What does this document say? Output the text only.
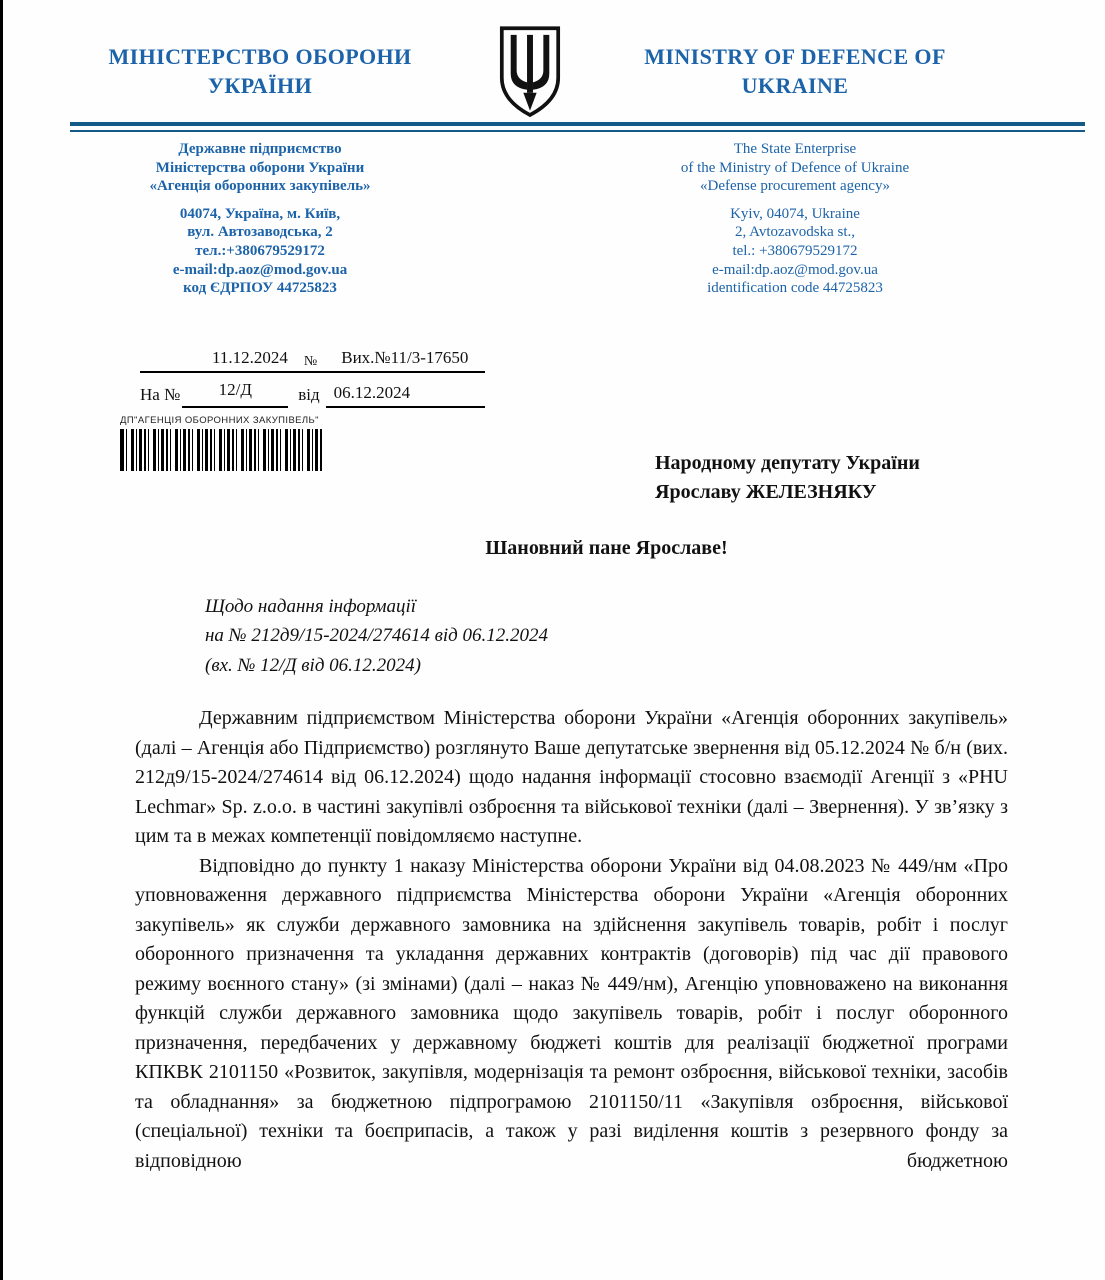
МІНІСТЕРСТВО ОБОРОНИ УКРАЇНИ
MINISTRY OF DEFENCE OF UKRAINE
Державне підприємство
Міністерства оборони України
«Агенція оборонних закупівель»
04074, Україна, м. Київ,
вул. Автозаводська, 2
тел.:+380679529172
e-mail:dp.aoz@mod.gov.ua
код ЄДРПОУ 44725823
The State Enterprise
of the Ministry of Defence of Ukraine
«Defense procurement agency»
Kyiv, 04074, Ukraine
2, Avtozavodska st.,
tel.: +380679529172
e-mail:dp.aoz@mod.gov.ua
identification code 44725823
11.12.2024 № Вих.№11/3-17650
На №	12/Д	від 06.12.2024
ДП"АГЕНЦІЯ ОБОРОННИХ ЗАКУПІВЕЛЬ"
Народному депутату України
Ярославу ЖЕЛЕЗНЯКУ
Шановний пане Ярославе!
Щодо надання інформації
на № 212д9/15-2024/274614 від 06.12.2024
(вх. № 12/Д від 06.12.2024)

Державним підприємством Міністерства оборони України «Агенція оборонних закупівель» (далі – Агенція або Підприємство) розглянуто Ваше депутатське звернення від 05.12.2024 № б/н (вих. 212д9/15-2024/274614 від 06.12.2024) щодо надання інформації стосовно взаємодії Агенції з «PHU Lechmar» Sp. z.o.o. в частині закупівлі озброєння та військової техніки (далі – Звернення). У зв’язку з цим та в межах компетенції повідомляємо наступне.

Відповідно до пункту 1 наказу Міністерства оборони України від 04.08.2023 № 449/нм «Про уповноваження державного підприємства Міністерства оборони України «Агенція оборонних закупівель» як служби державного замовника на здійснення закупівель товарів, робіт і послуг оборонного призначення та укладання державних контрактів (договорів) під час дії правового режиму воєнного стану» (зі змінами) (далі – наказ № 449/нм), Агенцію уповноважено на виконання функцій служби державного замовника щодо закупівель товарів, робіт і послуг оборонного призначення, передбачених у державному бюджеті коштів для реалізації бюджетної програми КПКВК 2101150 «Розвиток, закупівля, модернізація та ремонт озброєння, військової техніки, засобів та обладнання» за бюджетною підпрограмою 2101150/11 «Закупівля озброєння, військової (спеціальної) техніки та боєприпасів, а також у разі виділення коштів з резервного фонду за відповідною бюджетною
